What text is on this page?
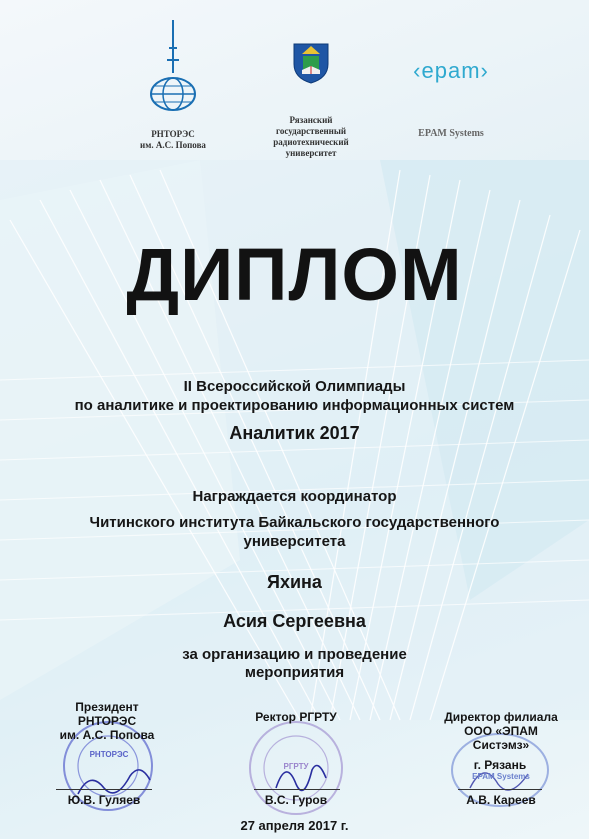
РНТОРЭС
им. А.С. Попова
Рязанский
государственный
радиотехнический
университет
‹epam›
EPAM Systems
ДИПЛОМ
II Всероссийской Олимпиады
по аналитике и проектированию информационных систем
Аналитик 2017
Награждается координатор
Читинского института Байкальского государственного
университета
Яхина
Асия Сергеевна
за организацию и проведение
мероприятия
РНТОРЭС
РГРТУ
EPAM Systems
Президент
РНТОРЭС
им. А.С. Попова
Ю.В. Гуляев
Ректор РГРТУ
В.С. Гуров
Директор филиала
ООО «ЭПАМ
Систэмз»
г. Рязань
А.В. Кареев
27 апреля 2017 г.
